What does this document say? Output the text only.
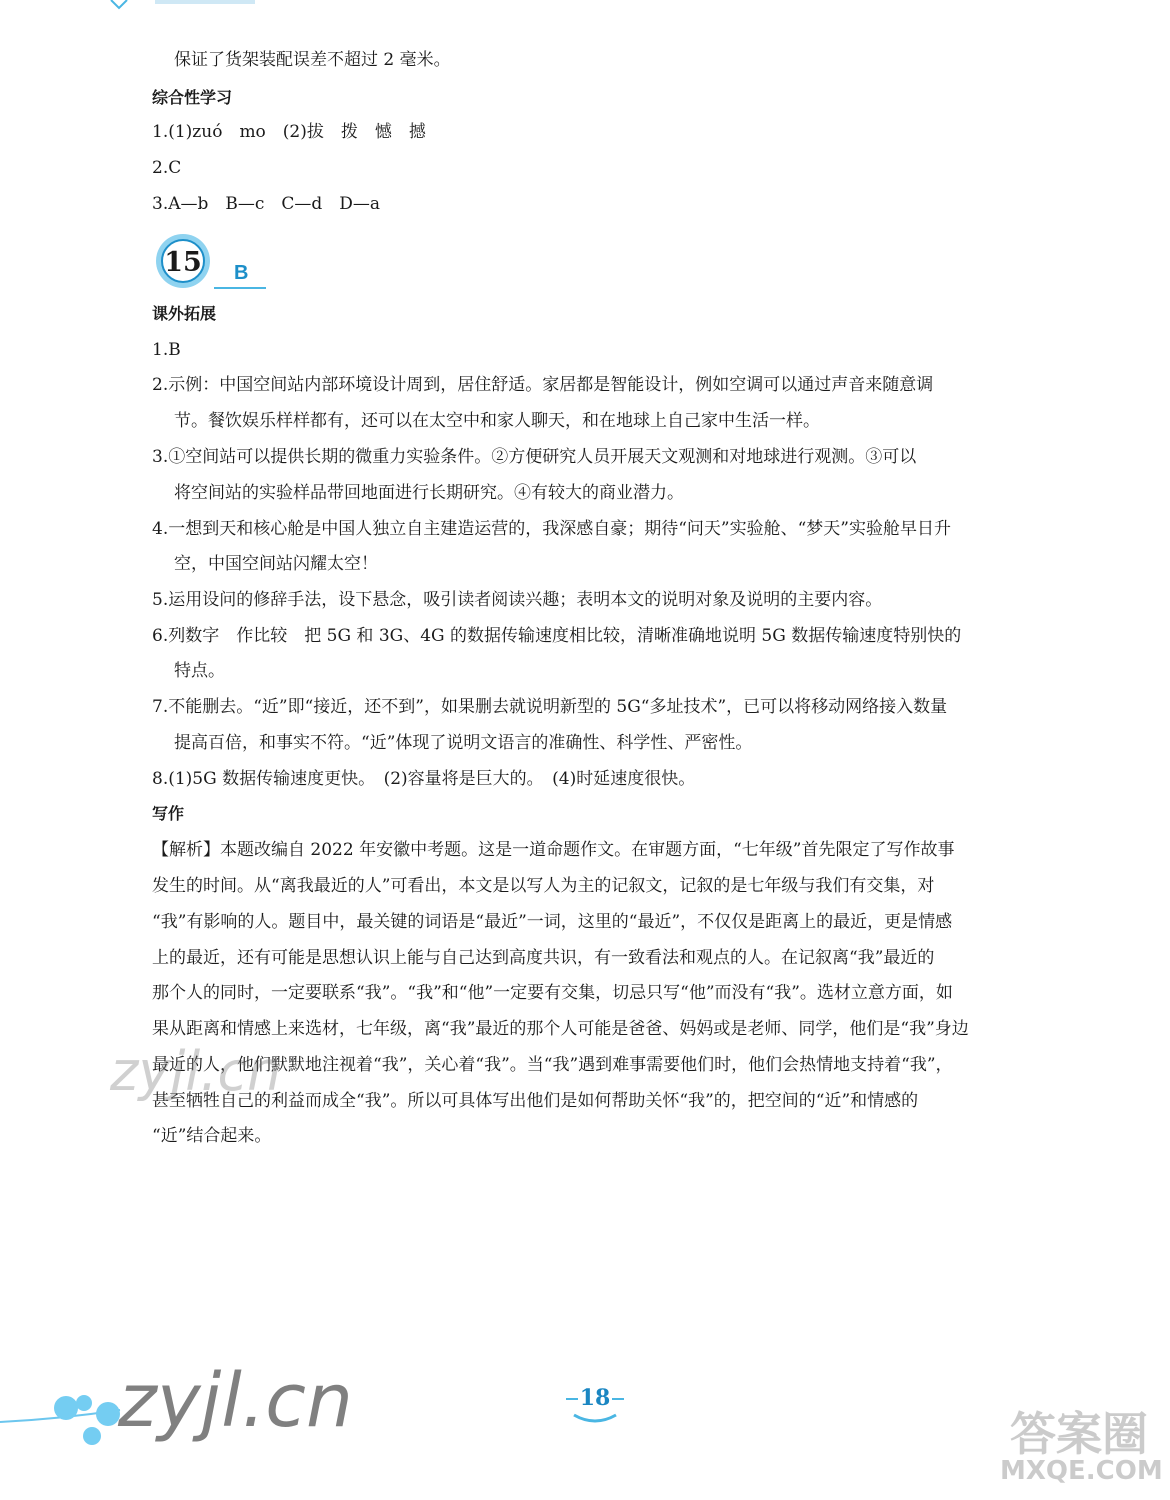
保证了货架装配误差不超过 2 毫米。
综合性学习
1.(1)zuó　mo　(2)拔　拨　憾　撼
2.C
3.A—b　B—c　C—d　D—a
15 B
课外拓展
1.B
2.示例：中国空间站内部环境设计周到，居住舒适。家居都是智能设计，例如空调可以通过声音来随意调
节。餐饮娱乐样样都有，还可以在太空中和家人聊天，和在地球上自己家中生活一样。
3.①空间站可以提供长期的微重力实验条件。②方便研究人员开展天文观测和对地球进行观测。③可以
将空间站的实验样品带回地面进行长期研究。④有较大的商业潜力。
4.一想到天和核心舱是中国人独立自主建造运营的，我深感自豪；期待“问天”实验舱、“梦天”实验舱早日升
空，中国空间站闪耀太空！
5.运用设问的修辞手法，设下悬念，吸引读者阅读兴趣；表明本文的说明对象及说明的主要内容。
6.列数字　作比较　把 5G 和 3G、4G 的数据传输速度相比较，清晰准确地说明 5G 数据传输速度特别快的
特点。
7.不能删去。“近”即“接近，还不到”，如果删去就说明新型的 5G“多址技术”，已可以将移动网络接入数量
提高百倍，和事实不符。“近”体现了说明文语言的准确性、科学性、严密性。
8.(1)5G 数据传输速度更快。　(2)容量将是巨大的。　(4)时延速度很快。
写作
【解析】本题改编自 2022 年安徽中考题。这是一道命题作文。在审题方面，“七年级”首先限定了写作故事
发生的时间。从“离我最近的人”可看出，本文是以写人为主的记叙文，记叙的是七年级与我们有交集，对
“我”有影响的人。题目中，最关键的词语是“最近”一词，这里的“最近”，不仅仅是距离上的最近，更是情感
上的最近，还有可能是思想认识上能与自己达到高度共识，有一致看法和观点的人。在记叙离“我”最近的
那个人的同时，一定要联系“我”。“我”和“他”一定要有交集，切忌只写“他”而没有“我”。选材立意方面，如
果从距离和情感上来选材，七年级，离“我”最近的那个人可能是爸爸、妈妈或是老师、同学，他们是“我”身边
最近的人，他们默默地注视着“我”，关心着“我”。当“我”遇到难事需要他们时，他们会热情地支持着“我”，
甚至牺牲自己的利益而成全“我”。所以可具体写出他们是如何帮助关怀“我”的，把空间的“近”和情感的
“近”结合起来。
zyjl.cn
zyjl.cn	18
答案圈
MXQE.COM
